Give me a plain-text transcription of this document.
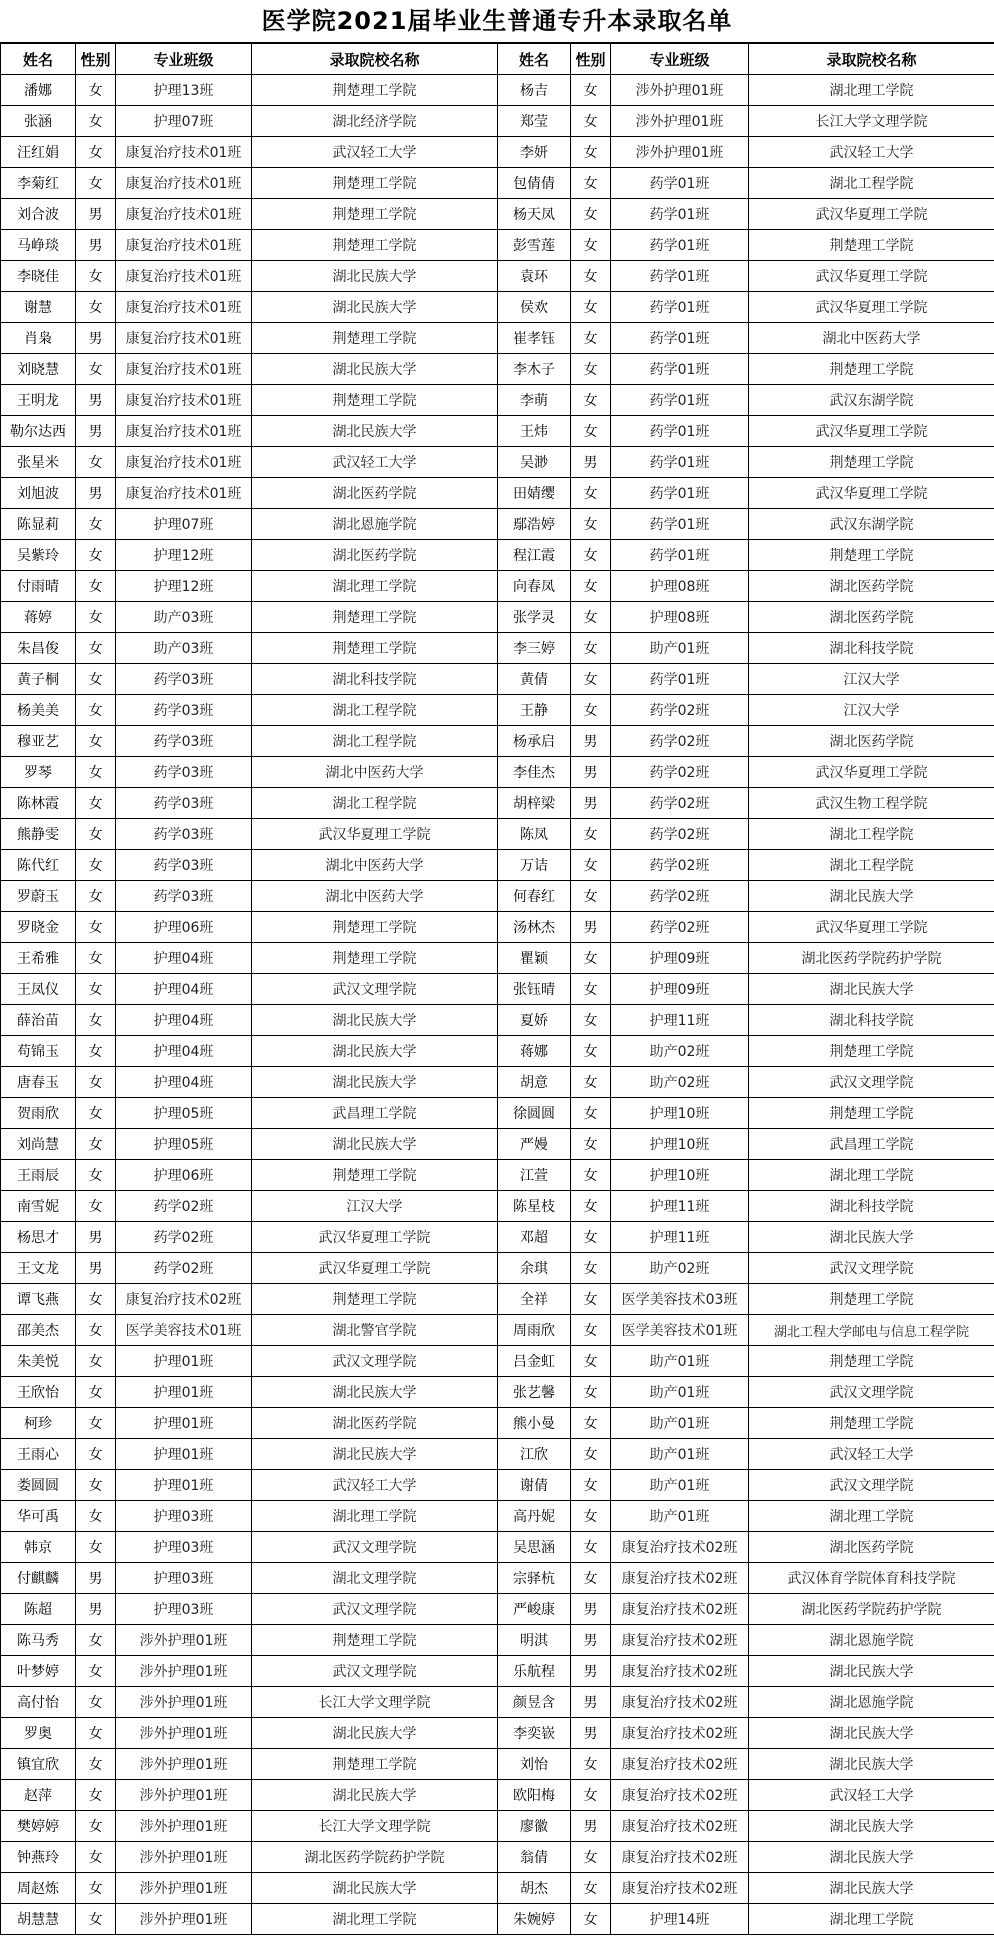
医学院2021届毕业生普通专升本录取名单
姓名	性别	专业班级	录取院校名称	姓名	性别	专业班级	录取院校名称
潘娜	女	护理13班	荆楚理工学院	杨吉	女	涉外护理01班	湖北理工学院
张涵	女	护理07班	湖北经济学院	郑莹	女	涉外护理01班	长江大学文理学院
汪红娟	女	康复治疗技术01班	武汉轻工大学	李妍	女	涉外护理01班	武汉轻工大学
李菊红	女	康复治疗技术01班	荆楚理工学院	包倩倩	女	药学01班	湖北工程学院
刘合波	男	康复治疗技术01班	荆楚理工学院	杨天凤	女	药学01班	武汉华夏理工学院
马峥琰	男	康复治疗技术01班	荆楚理工学院	彭雪莲	女	药学01班	荆楚理工学院
李晓佳	女	康复治疗技术01班	湖北民族大学	袁环	女	药学01班	武汉华夏理工学院
谢慧	女	康复治疗技术01班	湖北民族大学	侯欢	女	药学01班	武汉华夏理工学院
肖枭	男	康复治疗技术01班	荆楚理工学院	崔孝钰	女	药学01班	湖北中医药大学
刘晓慧	女	康复治疗技术01班	湖北民族大学	李木子	女	药学01班	荆楚理工学院
王明龙	男	康复治疗技术01班	荆楚理工学院	李萌	女	药学01班	武汉东湖学院
勒尔达西	男	康复治疗技术01班	湖北民族大学	王炜	女	药学01班	武汉华夏理工学院
张星米	女	康复治疗技术01班	武汉轻工大学	吴渺	男	药学01班	荆楚理工学院
刘旭波	男	康复治疗技术01班	湖北医药学院	田婧缨	女	药学01班	武汉华夏理工学院
陈显莉	女	护理07班	湖北恩施学院	鄢浩婷	女	药学01班	武汉东湖学院
吴紫玲	女	护理12班	湖北医药学院	程江霞	女	药学01班	荆楚理工学院
付雨晴	女	护理12班	湖北理工学院	向春凤	女	护理08班	湖北医药学院
蒋婷	女	助产03班	荆楚理工学院	张学灵	女	护理08班	湖北医药学院
朱昌俊	女	助产03班	荆楚理工学院	李三婷	女	助产01班	湖北科技学院
黄子桐	女	药学03班	湖北科技学院	黄倩	女	药学01班	江汉大学
杨美美	女	药学03班	湖北工程学院	王静	女	药学02班	江汉大学
穆亚艺	女	药学03班	湖北工程学院	杨承启	男	药学02班	湖北医药学院
罗琴	女	药学03班	湖北中医药大学	李佳杰	男	药学02班	武汉华夏理工学院
陈林霞	女	药学03班	湖北工程学院	胡梓梁	男	药学02班	武汉生物工程学院
熊静雯	女	药学03班	武汉华夏理工学院	陈凤	女	药学02班	湖北工程学院
陈代红	女	药学03班	湖北中医药大学	万诘	女	药学02班	湖北工程学院
罗蔚玉	女	药学03班	湖北中医药大学	何春红	女	药学02班	湖北民族大学
罗晓金	女	护理06班	荆楚理工学院	汤林杰	男	药学02班	武汉华夏理工学院
王希雅	女	护理04班	荆楚理工学院	瞿颖	女	护理09班	湖北医药学院药护学院
王凤仪	女	护理04班	武汉文理学院	张钰晴	女	护理09班	湖北民族大学
薛治苗	女	护理04班	湖北民族大学	夏娇	女	护理11班	湖北科技学院
苟锦玉	女	护理04班	湖北民族大学	蒋娜	女	助产02班	荆楚理工学院
唐春玉	女	护理04班	湖北民族大学	胡意	女	助产02班	武汉文理学院
贺雨欣	女	护理05班	武昌理工学院	徐圆圆	女	护理10班	荆楚理工学院
刘尚慧	女	护理05班	湖北民族大学	严嫚	女	护理10班	武昌理工学院
王雨辰	女	护理06班	荆楚理工学院	江萱	女	护理10班	湖北理工学院
南雪妮	女	药学02班	江汉大学	陈星枝	女	护理11班	湖北科技学院
杨思才	男	药学02班	武汉华夏理工学院	邓超	女	护理11班	湖北民族大学
王文龙	男	药学02班	武汉华夏理工学院	余琪	女	助产02班	武汉文理学院
谭飞燕	女	康复治疗技术02班	荆楚理工学院	全祥	女	医学美容技术03班	荆楚理工学院
邵美杰	女	医学美容技术01班	湖北警官学院	周雨欣	女	医学美容技术01班	湖北工程大学邮电与信息工程学院
朱美悦	女	护理01班	武汉文理学院	吕金虹	女	助产01班	荆楚理工学院
王欣怡	女	护理01班	湖北民族大学	张艺馨	女	助产01班	武汉文理学院
柯珍	女	护理01班	湖北医药学院	熊小曼	女	助产01班	荆楚理工学院
王雨心	女	护理01班	湖北民族大学	江欣	女	助产01班	武汉轻工大学
娄圆圆	女	护理01班	武汉轻工大学	谢倩	女	助产01班	武汉文理学院
华可禹	女	护理03班	湖北理工学院	高丹妮	女	助产01班	湖北理工学院
韩京	女	护理03班	武汉文理学院	吴思涵	女	康复治疗技术02班	湖北医药学院
付麒麟	男	护理03班	湖北文理学院	宗驿杭	女	康复治疗技术02班	武汉体育学院体育科技学院
陈超	男	护理03班	武汉文理学院	严峻康	男	康复治疗技术02班	湖北医药学院药护学院
陈马秀	女	涉外护理01班	荆楚理工学院	明淇	男	康复治疗技术02班	湖北恩施学院
叶梦婷	女	涉外护理01班	武汉文理学院	乐航程	男	康复治疗技术02班	湖北民族大学
高付怡	女	涉外护理01班	长江大学文理学院	颜昱含	男	康复治疗技术02班	湖北恩施学院
罗奥	女	涉外护理01班	湖北民族大学	李奕嵚	男	康复治疗技术02班	湖北民族大学
镇宜欣	女	涉外护理01班	荆楚理工学院	刘怡	女	康复治疗技术02班	湖北民族大学
赵萍	女	涉外护理01班	湖北民族大学	欧阳梅	女	康复治疗技术02班	武汉轻工大学
樊婷婷	女	涉外护理01班	长江大学文理学院	廖徽	男	康复治疗技术02班	湖北民族大学
钟燕玲	女	涉外护理01班	湖北医药学院药护学院	翁倩	女	康复治疗技术02班	湖北民族大学
周赵炼	女	涉外护理01班	湖北民族大学	胡杰	女	康复治疗技术02班	湖北民族大学
胡慧慧	女	涉外护理01班	湖北理工学院	朱婉婷	女	护理14班	湖北理工学院
